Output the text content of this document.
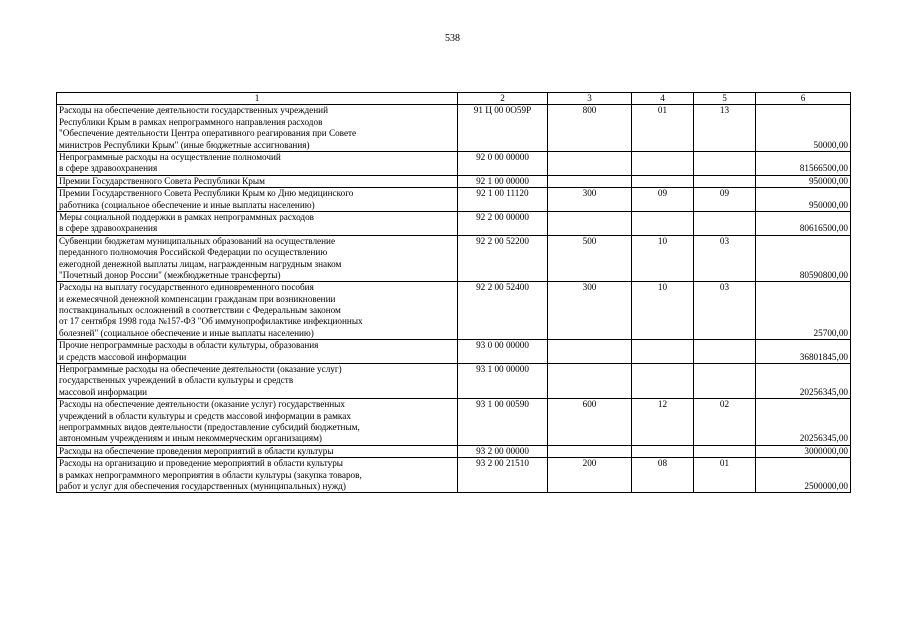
538
1	2	3	4	5	6

Расходы на обеспечение деятельности государственных учреждений
Республики Крым в рамках непрограммного направления расходов
"Обеспечение деятельности Центра оперативного реагирования при Совете
министров Республики Крым" (иные бюджетные ассигнования)	91 Ц 00 0О59Р	800	01	13	50000,00

Непрограммные расходы на осуществление полномочий
в сфере здравоохранения	92 0 00 00000				81566500,00

Премии Государственного Совета Республики Крым	92 1 00 00000				950000,00

Премии Государственного Совета Республики Крым ко Дню медицинского
работника (социальное обеспечение и иные выплаты населению)	92 1 00 11120	300	09	09	950000,00

Меры социальной поддержки в рамках непрограммных расходов
в сфере здравоохранения	92 2 00 00000				80616500,00

Субвенции бюджетам муниципальных образований на осуществление
переданного полномочия Российской Федерации по осуществлению
ежегодной денежной выплаты лицам, награжденным нагрудным знаком
"Почетный донор России" (межбюджетные трансферты)	92 2 00 52200	500	10	03	80590800,00

Расходы на выплату государственного единовременного пособия
и ежемесячной денежной компенсации гражданам при возникновении
поствакцинальных осложнений в соответствии с Федеральным законом
от 17 сентября 1998 года №157-ФЗ "Об иммунопрофилактике инфекционных
болезней" (социальное обеспечение и иные выплаты населению)	92 2 00 52400	300	10	03	25700,00

Прочие непрограммные расходы в области культуры, образования
и средств массовой информации	93 0 00 00000				36801845,00

Непрограммные расходы на обеспечение деятельности (оказание услуг)
государственных учреждений в области культуры и средств
массовой информации	93 1 00 00000				20256345,00

Расходы на обеспечение деятельности (оказание услуг) государственных
учреждений в области культуры и средств массовой информации в рамках
непрограммных видов деятельности (предоставление субсидий бюджетным,
автономным учреждениям и иным некоммерческим организациям)	93 1 00 00590	600	12	02	20256345,00

Расходы на обеспечение проведения мероприятий в области культуры	93 2 00 00000				3000000,00

Расходы на организацию и проведение мероприятий в области культуры
в рамках непрограммного мероприятия в области культуры (закупка товаров,
работ и услуг для обеспечения государственных (муниципальных) нужд)	93 2 00 21510	200	08	01	2500000,00
